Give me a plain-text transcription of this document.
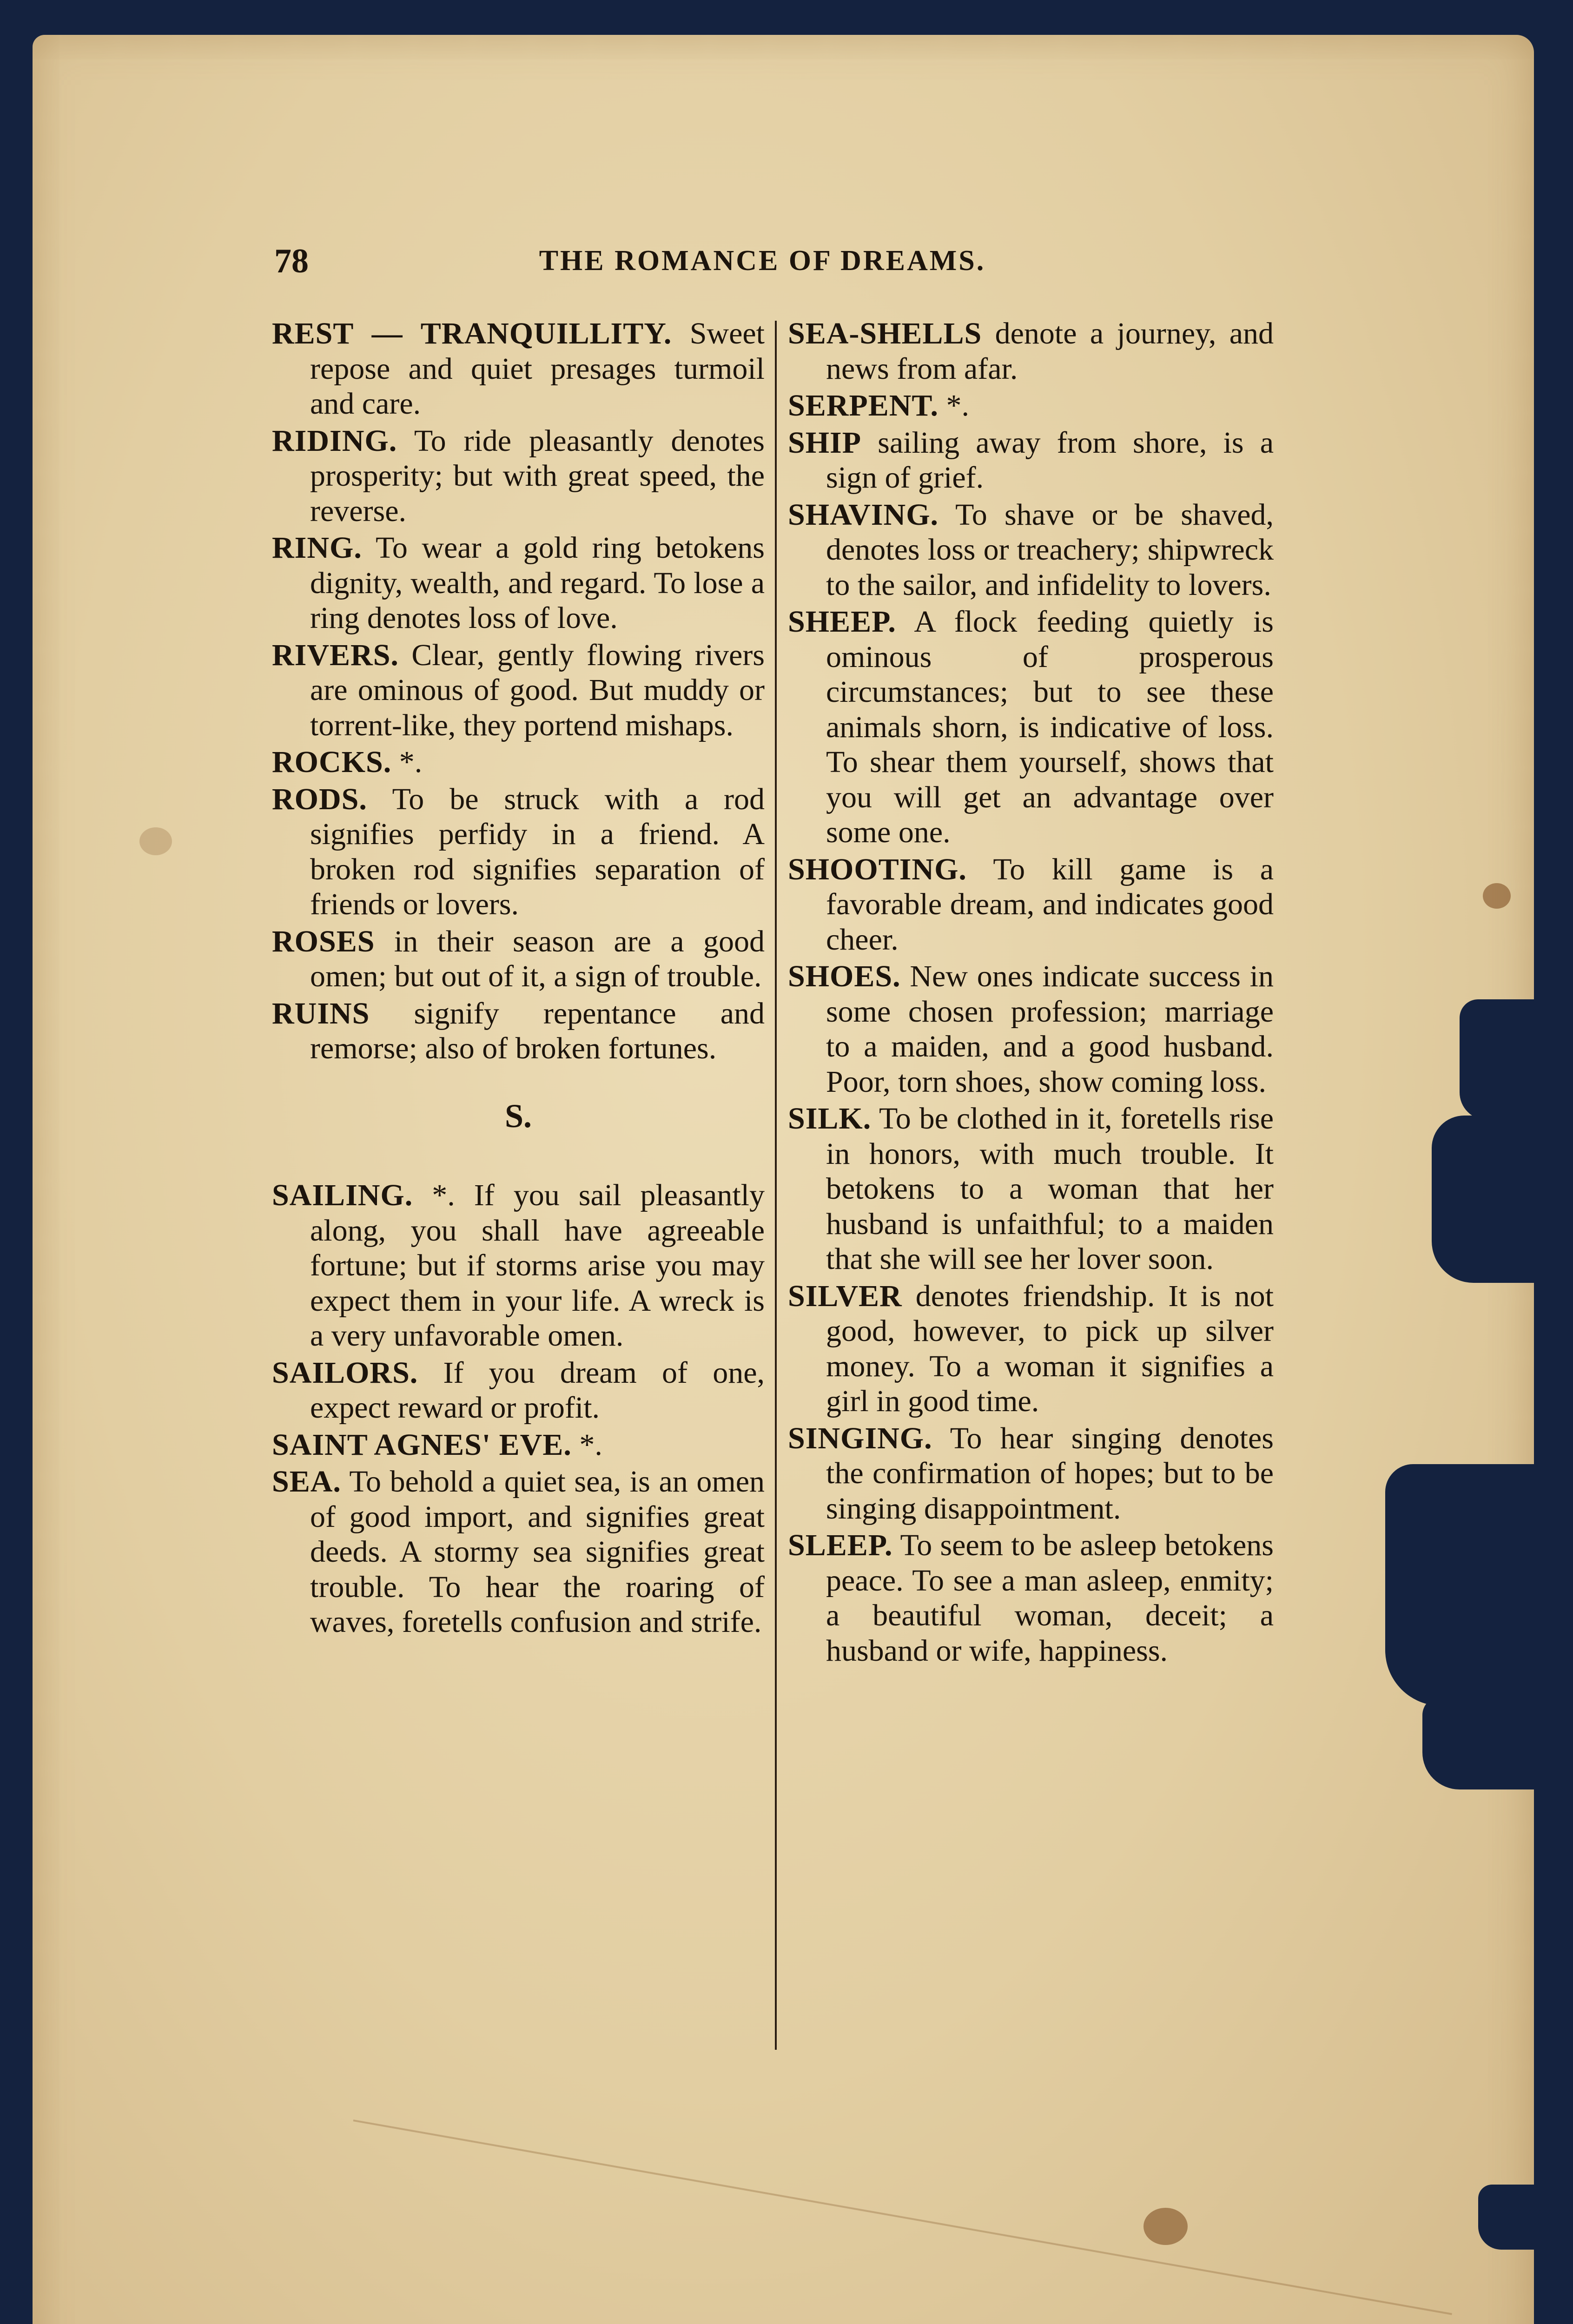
78	THE ROMANCE OF DREAMS.

REST — TRANQUILLITY. Sweet repose and quiet presages turmoil and care.

RIDING. To ride pleasantly denotes prosperity; but with great speed, the reverse.

RING. To wear a gold ring betokens dignity, wealth, and regard. To lose a ring denotes loss of love.

RIVERS. Clear, gently flowing rivers are ominous of good. But muddy or torrent-like, they portend mishaps.

ROCKS. *.

RODS. To be struck with a rod signifies perfidy in a friend. A broken rod signifies separation of friends or lovers.

ROSES in their season are a good omen; but out of it, a sign of trouble.

RUINS signify repentance and remorse; also of broken fortunes.

S.

SAILING. *. If you sail pleasantly along, you shall have agreeable fortune; but if storms arise you may expect them in your life. A wreck is a very unfavorable omen.

SAILORS. If you dream of one, expect reward or profit.

SAINT AGNES' EVE. *.

SEA. To behold a quiet sea, is an omen of good import, and signifies great deeds. A stormy sea signifies great trouble. To hear the roaring of waves, foretells confusion and strife.

SEA-SHELLS denote a journey, and news from afar.

SERPENT. *.

SHIP sailing away from shore, is a sign of grief.

SHAVING. To shave or be shaved, denotes loss or treachery; shipwreck to the sailor, and infidelity to lovers.

SHEEP. A flock feeding quietly is ominous of prosperous circumstances; but to see these animals shorn, is indicative of loss. To shear them yourself, shows that you will get an advantage over some one.

SHOOTING. To kill game is a favorable dream, and indicates good cheer.

SHOES. New ones indicate success in some chosen profession; marriage to a maiden, and a good husband. Poor, torn shoes, show coming loss.

SILK. To be clothed in it, foretells rise in honors, with much trouble. It betokens to a woman that her husband is unfaithful; to a maiden that she will see her lover soon.

SILVER denotes friendship. It is not good, however, to pick up silver money. To a woman it signifies a girl in good time.

SINGING. To hear singing denotes the confirmation of hopes; but to be singing disappointment.

SLEEP. To seem to be asleep betokens peace. To see a man asleep, enmity; a beautiful woman, deceit; a husband or wife, happiness.
